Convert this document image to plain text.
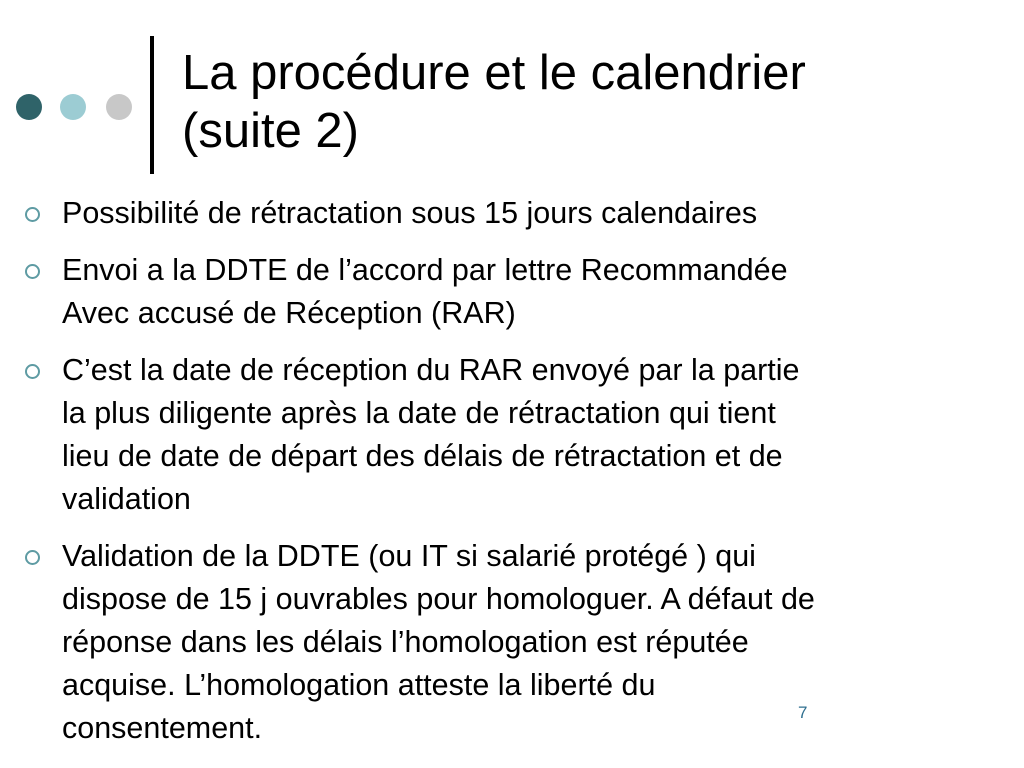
La procédure et le calendrier
(suite 2)
Possibilité de rétractation sous 15 jours calendaires
Envoi a la DDTE de l’accord par lettre Recommandée
Avec accusé de Réception (RAR)
C’est la date de réception du RAR envoyé par la partie
la plus diligente après la date de rétractation qui tient
lieu de date de départ des délais de rétractation et de
validation
Validation de la DDTE (ou IT si salarié protégé ) qui
dispose de 15 j ouvrables pour homologuer. A défaut de
réponse dans les délais l’homologation est réputée
acquise. L’homologation atteste la liberté du
consentement.	7
